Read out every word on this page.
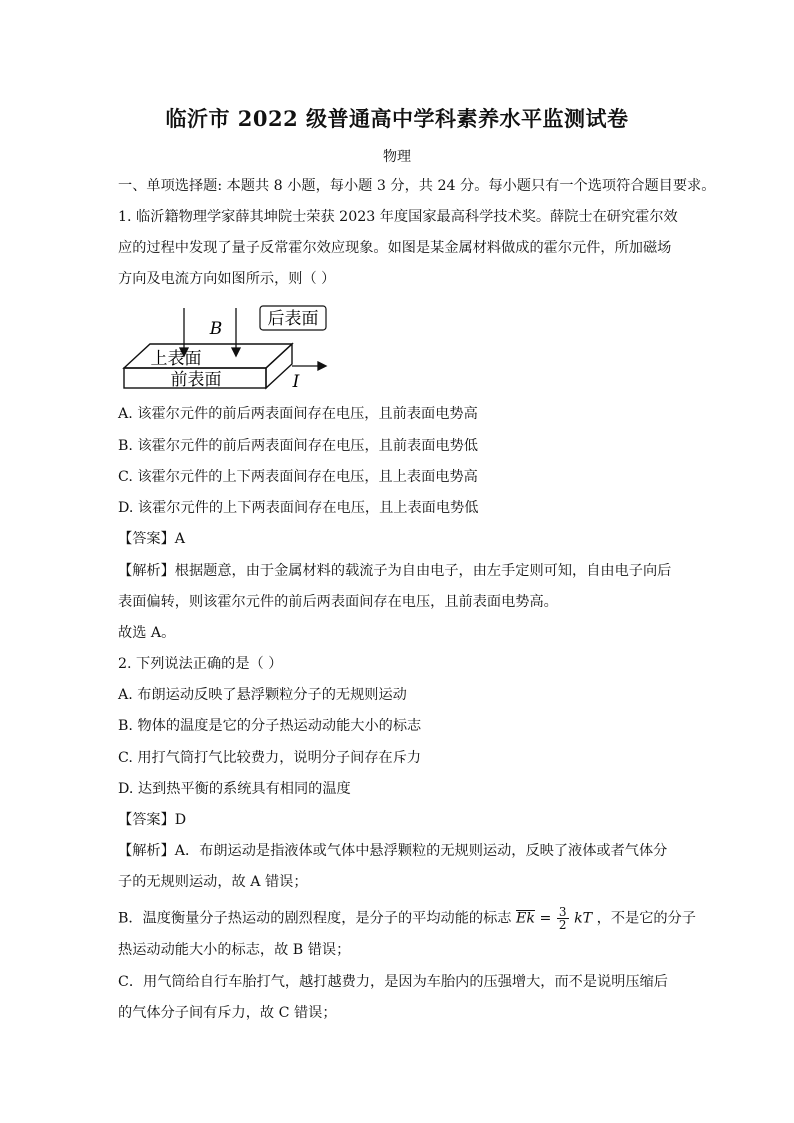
临沂市 2022 级普通高中学科素养水平监测试卷
物理
一、单项选择题: 本题共 8 小题，每小题 3 分，共 24 分。每小题只有一个选项符合题目要求。
1. 临沂籍物理学家薛其坤院士荣获 2023 年度国家最高科学技术奖。薛院士在研究霍尔效
应的过程中发现了量子反常霍尔效应现象。如图是某金属材料做成的霍尔元件，所加磁场
方向及电流方向如图所示，则（ ）
后表面
B
上表面
前表面	I
A. 该霍尔元件的前后两表面间存在电压，且前表面电势高
B. 该霍尔元件的前后两表面间存在电压，且前表面电势低
C. 该霍尔元件的上下两表面间存在电压，且上表面电势高
D. 该霍尔元件的上下两表面间存在电压，且上表面电势低
【答案】A
【解析】根据题意，由于金属材料的载流子为自由电子，由左手定则可知，自由电子向后
表面偏转，则该霍尔元件的前后两表面间存在电压，且前表面电势高。
故选 A。
2. 下列说法正确的是（ ）
A. 布朗运动反映了悬浮颗粒分子的无规则运动
B. 物体的温度是它的分子热运动动能大小的标志
C. 用打气筒打气比较费力，说明分子间存在斥力
D. 达到热平衡的系统具有相同的温度
【答案】D
【解析】A．布朗运动是指液体或气体中悬浮颗粒的无规则运动，反映了液体或者气体分
子的无规则运动，故 A 错误；
B．温度衡量分子热运动的剧烈程度，是分子的平均动能的标志 $\overline{Ek} = \frac{3}{2}$ kT ，不是它的分子
热运动动能大小的标志，故 B 错误；
C．用气筒给自行车胎打气，越打越费力，是因为车胎内的压强增大，而不是说明压缩后
的气体分子间有斥力，故 C 错误；
